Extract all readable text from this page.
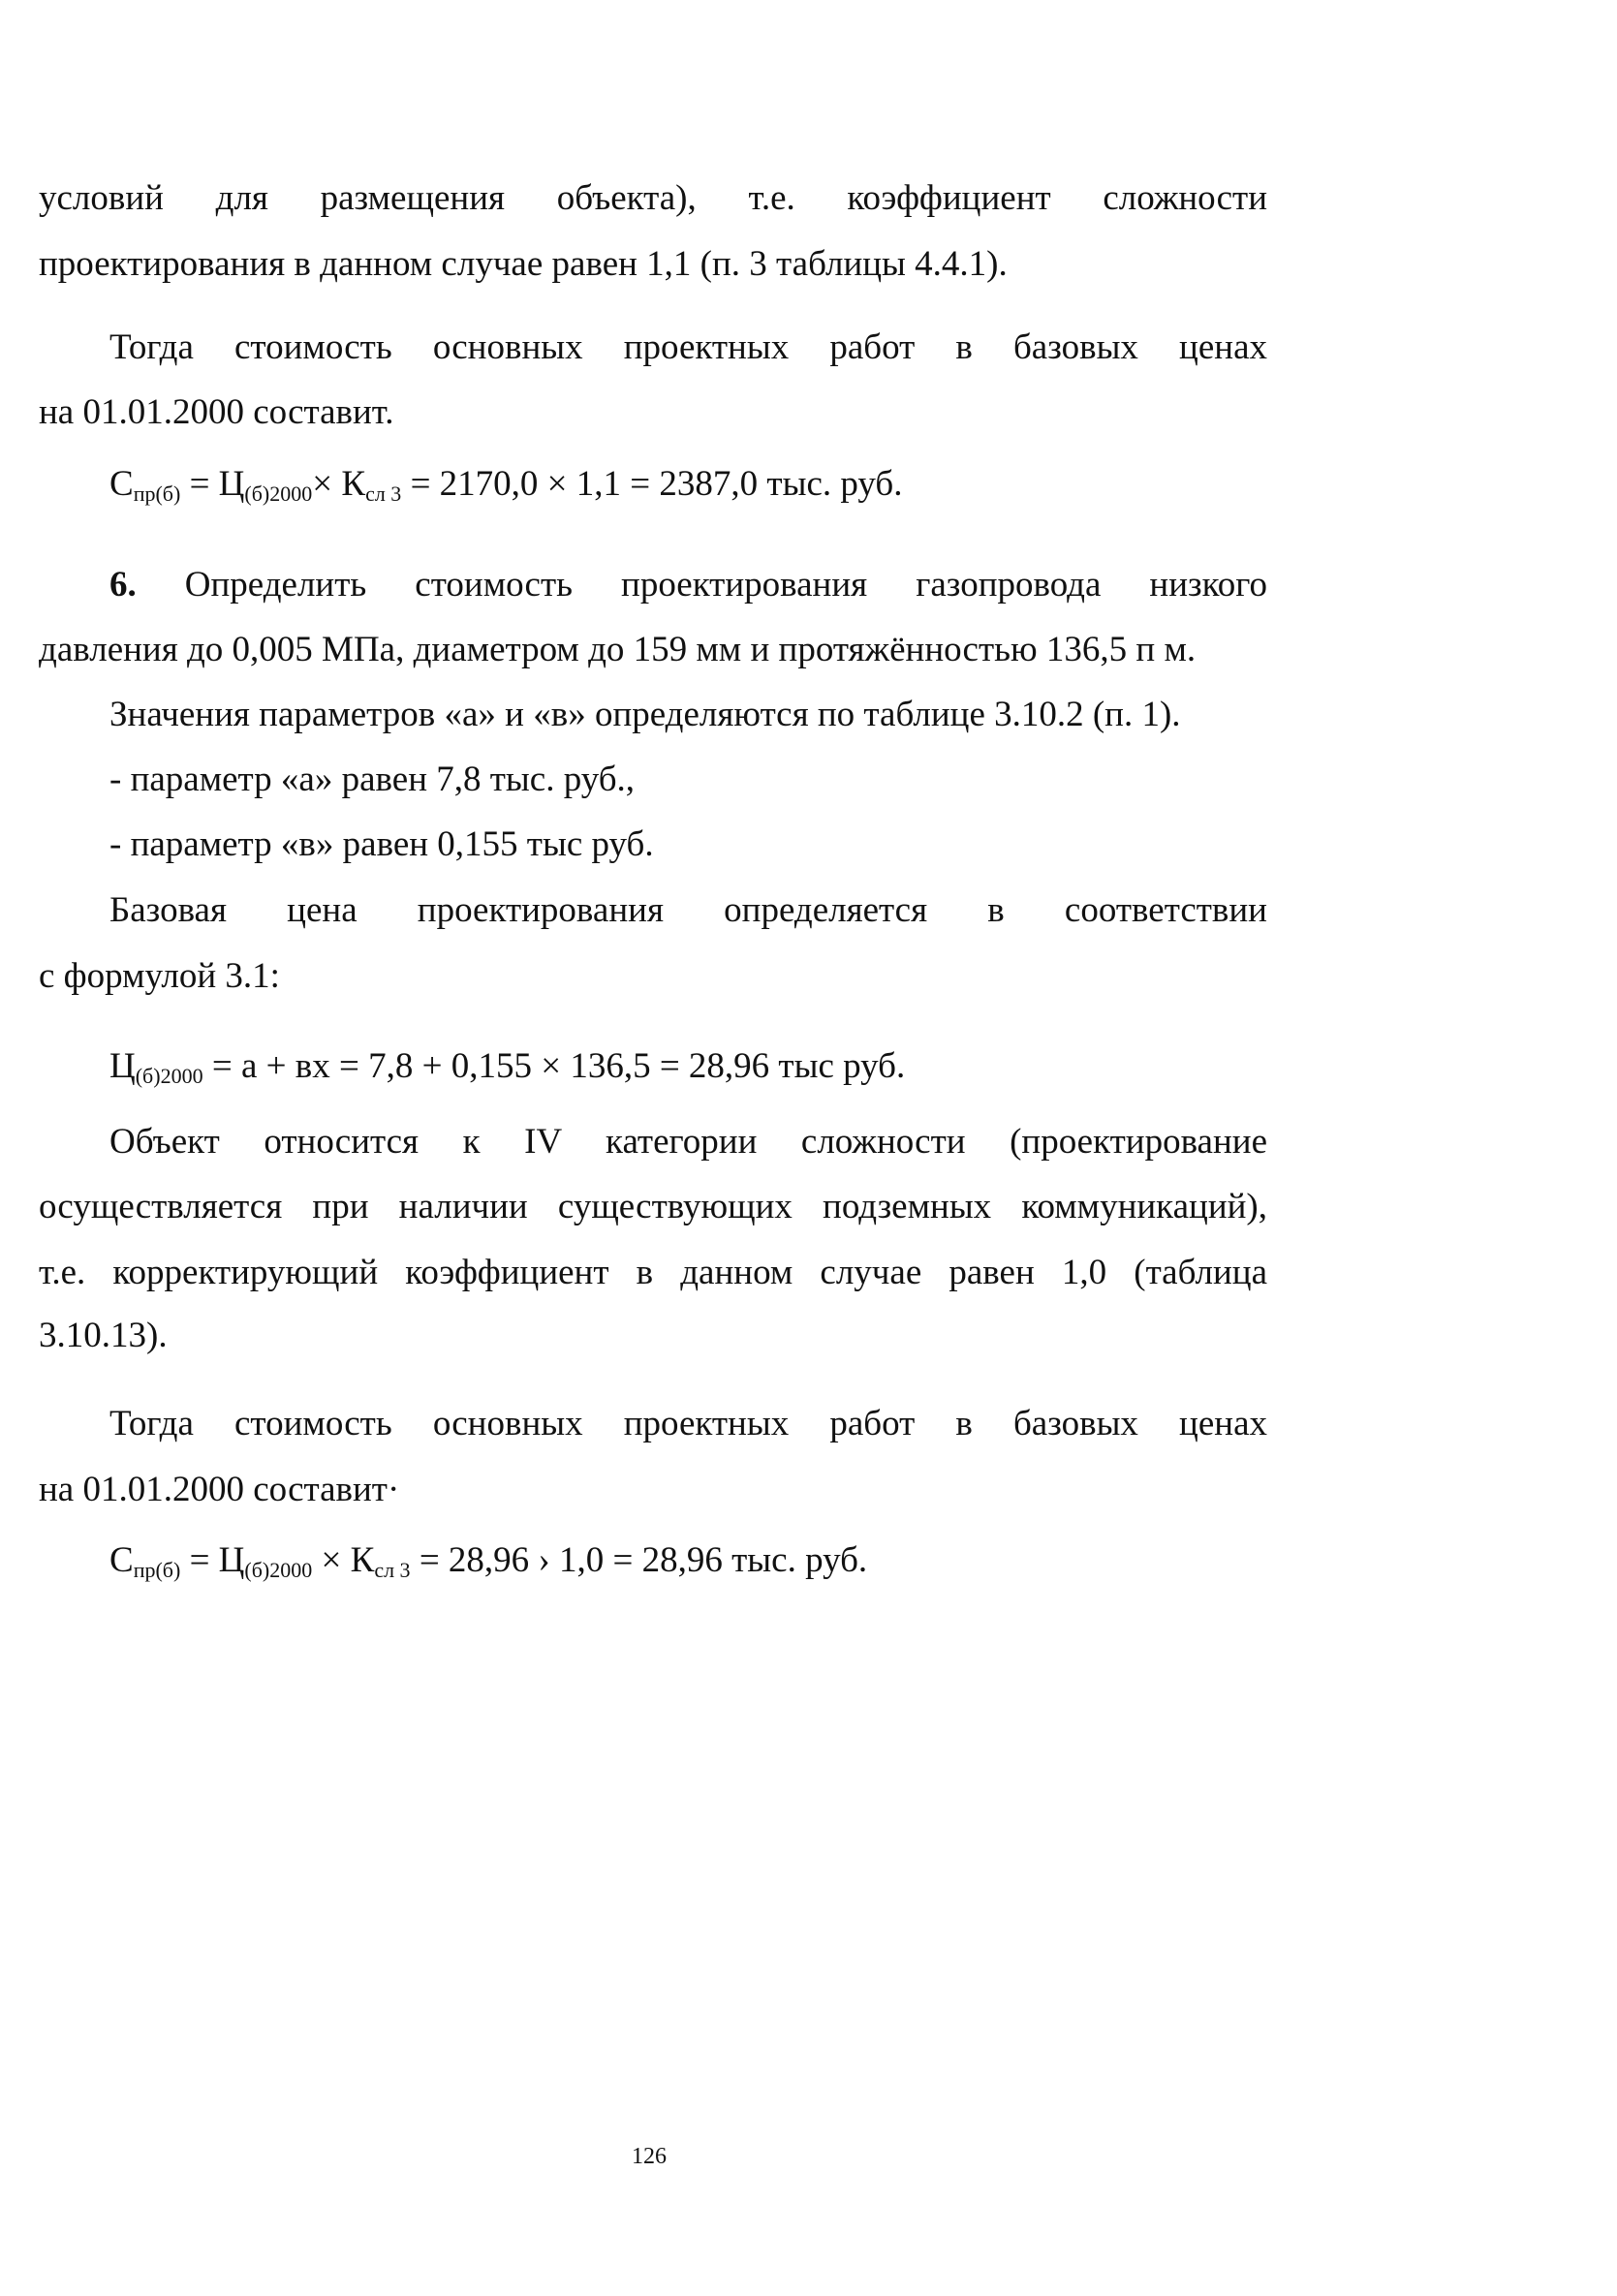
условий для размещения объекта), т.е. коэффициент сложности
проектирования в данном случае равен 1,1 (п. 3 таблицы 4.4.1).
Тогда стоимость основных проектных работ в базовых ценах
на 01.01.2000 составит.
$С_{пр(б)} = Ц_{(б)2000}\times К_{сл 3} = 2170,0 \times 1,1 = 2387,0$ тыс. руб.
6. Определить стоимость проектирования газопровода низкого
давления до 0,005 МПа, диаметром до 159 мм и протяжённостью 136,5 п м.
Значения параметров «а» и «в» определяются по таблице 3.10.2 (п. 1).
- параметр «а» равен 7,8 тыс. руб.,
- параметр «в» равен 0,155 тыс руб.
Базовая цена проектирования определяется в соответствии
с формулой 3.1:
$Ц_{(б)2000} = а$ + вх = 7,8 + 0,155 × 136,5 = 28,96 тыс руб.
Объект относится к IV категории сложности (проектирование
осуществляется при наличии существующих подземных коммуникаций),
т.е. корректирующий коэффициент в данном случае равен 1,0 (таблица
3.10.13).
Тогда стоимость основных проектных работ в базовых ценах
на 01.01.2000 составит·
$С_{пр(б)} = Ц_{(б)2000} \times К_{сл 3} = 28,96$ › 1,0 = 28,96 тыс. руб.
126
